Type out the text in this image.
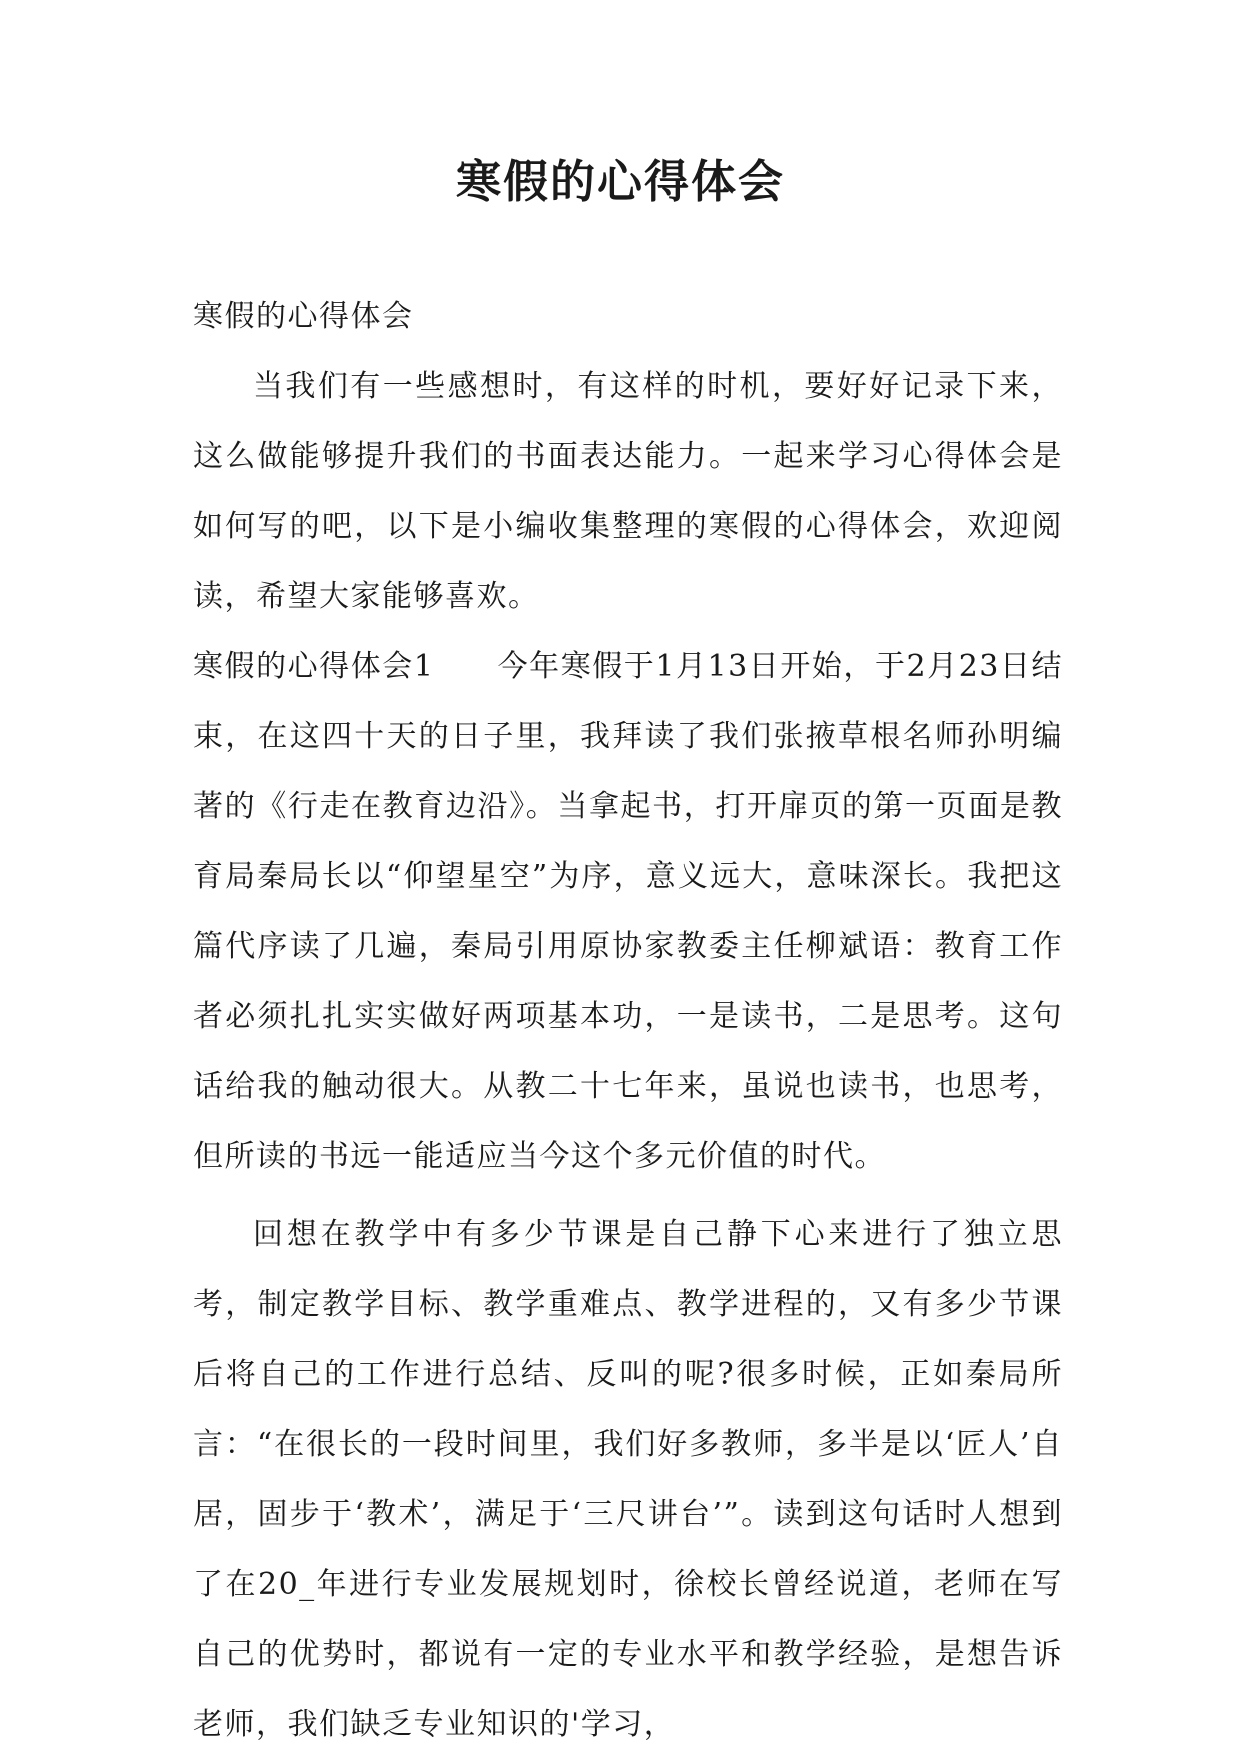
寒假的心得体会

寒假的心得体会

当我们有一些感想时，有这样的时机，要好好记录下来，这么做能够提升我们的书面表达能力。一起来学习心得体会是如何写的吧，以下是小编收集整理的寒假的心得体会，欢迎阅读，希望大家能够喜欢。

寒假的心得体会1　　今年寒假于1月13日开始，于2月23日结束，在这四十天的日子里，我拜读了我们张掖草根名师孙明编著的《行走在教育边沿》。当拿起书，打开扉页的第一页面是教育局秦局长以“仰望星空”为序，意义远大，意味深长。我把这篇代序读了几遍，秦局引用原协家教委主任柳斌语：教育工作者必须扎扎实实做好两项基本功，一是读书，二是思考。这句话给我的触动很大。从教二十七年来，虽说也读书，也思考，但所读的书远一能适应当今这个多元价值的时代。

回想在教学中有多少节课是自己静下心来进行了独立思考，制定教学目标、教学重难点、教学进程的，又有多少节课后将自己的工作进行总结、反叫的呢?很多时候，正如秦局所言：“在很长的一段时间里，我们好多教师，多半是以‘匠人’自居，固步于‘教术’，满足于‘三尺讲台’”。读到这句话时人想到了在20_年进行专业发展规划时，徐校长曾经说道，老师在写自己的优势时，都说有一定的专业水平和教学经验，是想告诉老师，我们缺乏专业知识的'学习，
